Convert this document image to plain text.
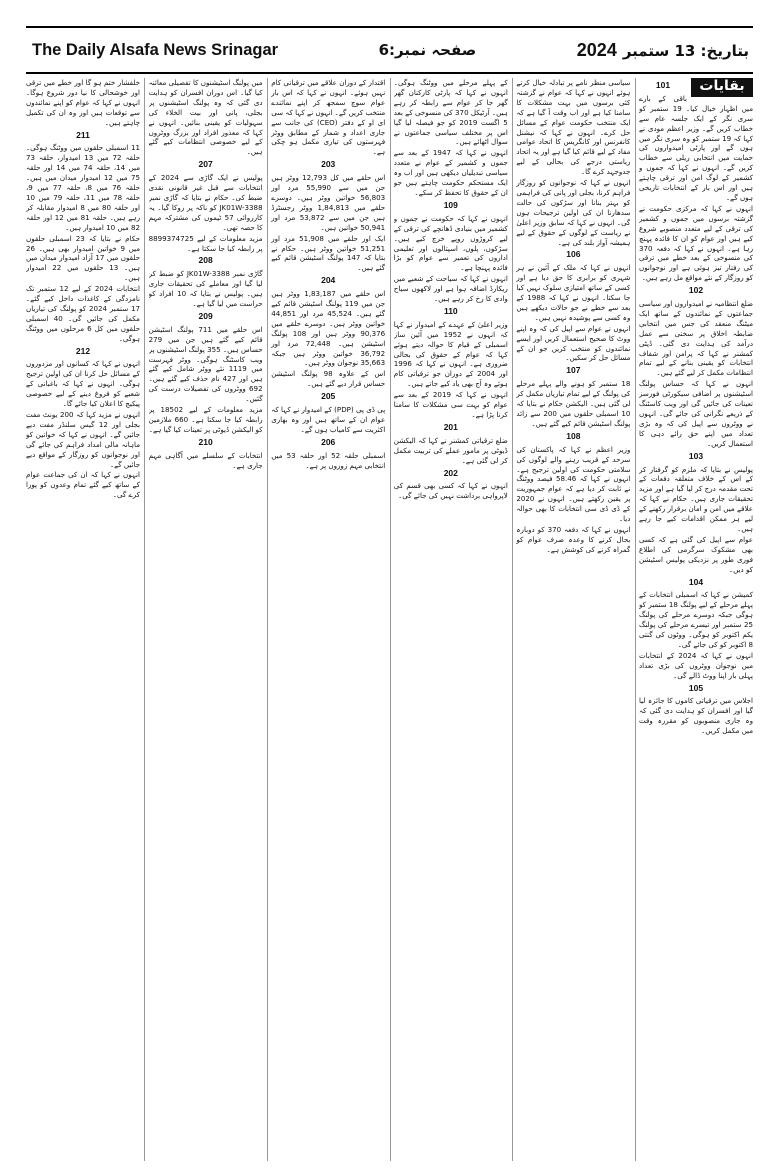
The Daily Alsafa News Srinagar	صفحہ نمبر:6	2024 بتاریخ: 13 ستمبر
بقایات
101

باقی کے بارے میں اظہار خیال کیا۔ 19 ستمبر کو سری نگر کے ایک جلسہ عام سے خطاب کریں گے۔ وزیر اعظم مودی نے کہا کہ 19 ستمبر کو وہ سری نگر میں ہوں گے اور پارٹی امیدواروں کی حمایت میں انتخابی ریلی سے خطاب کریں گے۔ انہوں نے کہا کہ جموں و کشمیر کے لوگ امن اور ترقی چاہتے ہیں اور اس بار کے انتخابات تاریخی ہوں گے۔

انہوں نے کہا کہ مرکزی حکومت نے گزشتہ برسوں میں جموں و کشمیر کی ترقی کے لیے متعدد منصوبے شروع کیے ہیں اور عوام کو ان کا فائدہ پہنچ رہا ہے۔ انہوں نے کہا کہ دفعہ 370 کی منسوخی کے بعد خطے میں ترقی کی رفتار تیز ہوئی ہے اور نوجوانوں کو روزگار کے نئے مواقع مل رہے ہیں۔

102

ضلع انتظامیہ نے امیدواروں اور سیاسی جماعتوں کے نمائندوں کے ساتھ ایک میٹنگ منعقد کی جس میں انتخابی ضابطہ اخلاق پر سختی سے عمل درآمد کی ہدایت دی گئی۔ ڈپٹی کمشنر نے کہا کہ پرامن اور شفاف انتخابات کو یقینی بنانے کے لیے تمام انتظامات مکمل کر لیے گئے ہیں۔

انہوں نے کہا کہ حساس پولنگ اسٹیشنوں پر اضافی سیکورٹی فورسز تعینات کی جائیں گی اور ویب کاسٹنگ کے ذریعے نگرانی کی جائے گی۔ انہوں نے ووٹروں سے اپیل کی کہ وہ بڑی تعداد میں اپنے حق رائے دہی کا استعمال کریں۔

103

پولیس نے بتایا کہ ملزم کو گرفتار کر کے اس کے خلاف متعلقہ دفعات کے تحت مقدمہ درج کر لیا گیا ہے اور مزید تحقیقات جاری ہیں۔ حکام نے کہا کہ علاقے میں امن و امان برقرار رکھنے کے لیے ہر ممکن اقدامات کیے جا رہے ہیں۔

عوام سے اپیل کی گئی ہے کہ کسی بھی مشکوک سرگرمی کی اطلاع فوری طور پر نزدیکی پولیس اسٹیشن کو دیں۔

104

کمیشن نے کہا کہ اسمبلی انتخابات کے پہلے مرحلے کے لیے پولنگ 18 ستمبر کو ہوگی جبکہ دوسرے مرحلے کی پولنگ 25 ستمبر اور تیسرے مرحلے کی پولنگ یکم اکتوبر کو ہوگی۔ ووٹوں کی گنتی 8 اکتوبر کو کی جائے گی۔

انہوں نے کہا کہ 2024 کے انتخابات میں نوجوان ووٹروں کی بڑی تعداد پہلی بار اپنا ووٹ ڈالے گی۔

105

اجلاس میں ترقیاتی کاموں کا جائزہ لیا گیا اور افسران کو ہدایت دی گئی کہ وہ جاری منصوبوں کو مقررہ وقت میں مکمل کریں۔

سیاسی منظر نامے پر تبادلہ خیال کرتے ہوئے انہوں نے کہا کہ عوام نے گزشتہ کئی برسوں میں بہت مشکلات کا سامنا کیا ہے اور اب وقت آ گیا ہے کہ ایک منتخب حکومت عوام کے مسائل حل کرے۔ انہوں نے کہا کہ نیشنل کانفرنس اور کانگریس کا اتحاد عوامی مفاد کے لیے قائم کیا گیا ہے اور یہ اتحاد ریاستی درجے کی بحالی کے لیے جدوجہد کرے گا۔

انہوں نے کہا کہ نوجوانوں کو روزگار فراہم کرنا، بجلی اور پانی کی فراہمی کو بہتر بنانا اور سڑکوں کی حالت سدھارنا ان کی اولین ترجیحات ہوں گی۔ انہوں نے کہا کہ سابق وزیر اعلیٰ نے ریاست کے لوگوں کے حقوق کے لیے ہمیشہ آواز بلند کی ہے۔

106

انہوں نے کہا کہ ملک کے آئین نے ہر شہری کو برابری کا حق دیا ہے اور کسی کے ساتھ امتیازی سلوک نہیں کیا جا سکتا۔ انہوں نے کہا کہ 1988 کے بعد سے خطے نے جو حالات دیکھے ہیں وہ کسی سے پوشیدہ نہیں ہیں۔

انہوں نے عوام سے اپیل کی کہ وہ اپنے ووٹ کا صحیح استعمال کریں اور ایسے نمائندوں کو منتخب کریں جو ان کے مسائل حل کر سکیں۔

107

18 ستمبر کو ہونے والے پہلے مرحلے کی پولنگ کے لیے تمام تیاریاں مکمل کر لی گئی ہیں۔ الیکشن حکام نے بتایا کہ 10 اسمبلی حلقوں میں 200 سے زائد پولنگ اسٹیشن قائم کیے گئے ہیں۔

108

وزیر اعظم نے کہا کہ پاکستان کی سرحد کے قریب رہنے والے لوگوں کی سلامتی حکومت کی اولین ترجیح ہے۔ انہوں نے کہا کہ 58.46 فیصد ووٹنگ نے ثابت کر دیا ہے کہ عوام جمہوریت پر یقین رکھتے ہیں۔ انہوں نے 2020 کے ڈی ڈی سی انتخابات کا بھی حوالہ دیا۔

انہوں نے کہا کہ دفعہ 370 کو دوبارہ بحال کرنے کا وعدہ صرف عوام کو گمراہ کرنے کی کوشش ہے۔

کے پہلے مرحلے میں ووٹنگ ہوگی۔ انہوں نے کہا کہ پارٹی کارکنان گھر گھر جا کر عوام سے رابطہ کر رہے ہیں۔ آرٹیکل 370 کی منسوخی کے بعد 5 اگست 2019 کو جو فیصلہ لیا گیا اس پر مختلف سیاسی جماعتوں نے سوال اٹھائے ہیں۔

انہوں نے کہا کہ 1947 کے بعد سے جموں و کشمیر کے عوام نے متعدد سیاسی تبدیلیاں دیکھی ہیں اور اب وہ ایک مستحکم حکومت چاہتے ہیں جو ان کے حقوق کا تحفظ کر سکے۔

109

انہوں نے کہا کہ حکومت نے جموں و کشمیر میں بنیادی ڈھانچے کی ترقی کے لیے کروڑوں روپے خرچ کیے ہیں۔ سڑکوں، پلوں، اسپتالوں اور تعلیمی اداروں کی تعمیر سے عوام کو بڑا فائدہ پہنچا ہے۔

انہوں نے کہا کہ سیاحت کے شعبے میں ریکارڈ اضافہ ہوا ہے اور لاکھوں سیاح وادی کا رخ کر رہے ہیں۔

110

وزیر اعلیٰ کے عہدے کے امیدوار نے کہا کہ انہوں نے 1952 میں آئین ساز اسمبلی کے قیام کا حوالہ دیتے ہوئے کہا کہ عوام کے حقوق کی بحالی ضروری ہے۔ انہوں نے کہا کہ 1996 اور 2004 کے دوران جو ترقیاتی کام ہوئے وہ آج بھی یاد کیے جاتے ہیں۔

انہوں نے کہا کہ 2019 کے بعد سے عوام کو بہت سی مشکلات کا سامنا کرنا پڑا ہے۔

201

ضلع ترقیاتی کمشنر نے کہا کہ الیکشن ڈیوٹی پر مامور عملے کی تربیت مکمل کر لی گئی ہے۔

202

انہوں نے کہا کہ کسی بھی قسم کی لاپرواہی برداشت نہیں کی جائے گی۔

اقتدار کے دوران علاقے میں ترقیاتی کام نہیں ہوئے۔ انہوں نے کہا کہ اس بار عوام سوچ سمجھ کر اپنے نمائندے منتخب کریں گے۔ انہوں نے کہا کہ سی ای او کے دفتر (CEO) کی جانب سے جاری اعداد و شمار کے مطابق ووٹر فہرستوں کی تیاری مکمل ہو چکی ہے۔

203

اس حلقے میں کل 12,793 ووٹر ہیں جن میں سے 55,990 مرد اور 56,803 خواتین ووٹر ہیں۔ دوسرے حلقے میں 1,84,813 ووٹر رجسٹرڈ ہیں جن میں سے 53,872 مرد اور 50,941 خواتین ہیں۔

ایک اور حلقے میں 51,908 مرد اور 51,251 خواتین ووٹر ہیں۔ حکام نے بتایا کہ 147 پولنگ اسٹیشن قائم کیے گئے ہیں۔

204

اس حلقے میں 1,83,187 ووٹر ہیں جن میں 119 پولنگ اسٹیشن قائم کیے گئے ہیں۔ 45,524 مرد اور 44,851 خواتین ووٹر ہیں۔ دوسرے حلقے میں 90,376 ووٹر ہیں اور 108 پولنگ اسٹیشن ہیں۔ 72,448 مرد اور 36,792 خواتین ووٹر ہیں جبکہ 35,663 نوجوان ووٹر ہیں۔

اس کے علاوہ 98 پولنگ اسٹیشن حساس قرار دیے گئے ہیں۔

205

پی ڈی پی (PDP) کے امیدوار نے کہا کہ عوام ان کے ساتھ ہیں اور وہ بھاری اکثریت سے کامیاب ہوں گے۔

206

اسمبلی حلقہ 52 اور حلقہ 53 میں انتخابی مہم زوروں پر ہے۔

میں پولنگ اسٹیشنوں کا تفصیلی معائنہ کیا گیا۔ اس دوران افسران کو ہدایت دی گئی کہ وہ پولنگ اسٹیشنوں پر بجلی، پانی اور بیت الخلاء کی سہولیات کو یقینی بنائیں۔ انہوں نے کہا کہ معذور افراد اور بزرگ ووٹروں کے لیے خصوصی انتظامات کیے گئے ہیں۔

207

پولیس نے ایک گاڑی سے 2024 کے انتخابات سے قبل غیر قانونی نقدی ضبط کی۔ حکام نے بتایا کہ گاڑی نمبر JK01W-3388 کو ناکہ پر روکا گیا۔ یہ کارروائی 57 ٹیموں کی مشترکہ مہم کا حصہ تھی۔

مزید معلومات کے لیے 8899374725 پر رابطہ کیا جا سکتا ہے۔

208

گاڑی نمبر JK01W-3388 کو ضبط کر لیا گیا اور معاملے کی تحقیقات جاری ہیں۔ پولیس نے بتایا کہ 10 افراد کو حراست میں لیا گیا ہے۔

209

اس حلقے میں 711 پولنگ اسٹیشن قائم کیے گئے ہیں جن میں 279 حساس ہیں۔ 355 پولنگ اسٹیشنوں پر ویب کاسٹنگ ہوگی۔ ووٹر فہرست میں 1119 نئے ووٹر شامل کیے گئے ہیں اور 427 نام حذف کیے گئے ہیں۔ 692 ووٹروں کی تفصیلات درست کی گئیں۔

مزید معلومات کے لیے 18502 پر رابطہ کیا جا سکتا ہے۔ 660 ملازمین کو الیکشن ڈیوٹی پر تعینات کیا گیا ہے۔

210

انتخابات کے سلسلے میں آگاہی مہم جاری ہے۔

خلفشار ختم ہو گا اور خطے میں ترقی اور خوشحالی کا نیا دور شروع ہوگا۔ انہوں نے کہا کہ عوام کو اپنے نمائندوں سے توقعات ہیں اور وہ ان کی تکمیل چاہتے ہیں۔

211

11 اسمبلی حلقوں میں ووٹنگ ہوگی۔ حلقہ 72 میں 13 امیدوار، حلقہ 73 میں 14، حلقہ 74 میں 14 اور حلقہ 75 میں 12 امیدوار میدان میں ہیں۔ حلقہ 76 میں 8، حلقہ 77 میں 9، حلقہ 78 میں 11، حلقہ 79 میں 10 اور حلقہ 80 میں 8 امیدوار مقابلہ کر رہے ہیں۔ حلقہ 81 میں 12 اور حلقہ 82 میں 10 امیدوار ہیں۔

حکام نے بتایا کہ 23 اسمبلی حلقوں میں 9 خواتین امیدوار بھی ہیں۔ 26 حلقوں میں 17 آزاد امیدوار میدان میں ہیں۔ 13 حلقوں میں 22 امیدوار ہیں۔

انتخابات 2024 کے لیے 12 ستمبر تک نامزدگی کے کاغذات داخل کیے گئے۔ 17 ستمبر 2024 کو پولنگ کی تیاریاں مکمل کی جائیں گی۔ 40 اسمبلی حلقوں میں کل 6 مرحلوں میں ووٹنگ ہوگی۔

212

انہوں نے کہا کہ کسانوں اور مزدوروں کے مسائل حل کرنا ان کی اولین ترجیح ہوگی۔ انہوں نے کہا کہ باغبانی کے شعبے کو فروغ دینے کے لیے خصوصی پیکیج کا اعلان کیا جائے گا۔

انہوں نے مزید کہا کہ 200 یونٹ مفت بجلی اور 12 گیس سلنڈر مفت دیے جائیں گے۔ انہوں نے کہا کہ خواتین کو ماہانہ مالی امداد فراہم کی جائے گی اور نوجوانوں کو روزگار کے مواقع دیے جائیں گے۔

انہوں نے کہا کہ ان کی جماعت عوام کے ساتھ کیے گئے تمام وعدوں کو پورا کرے گی۔
